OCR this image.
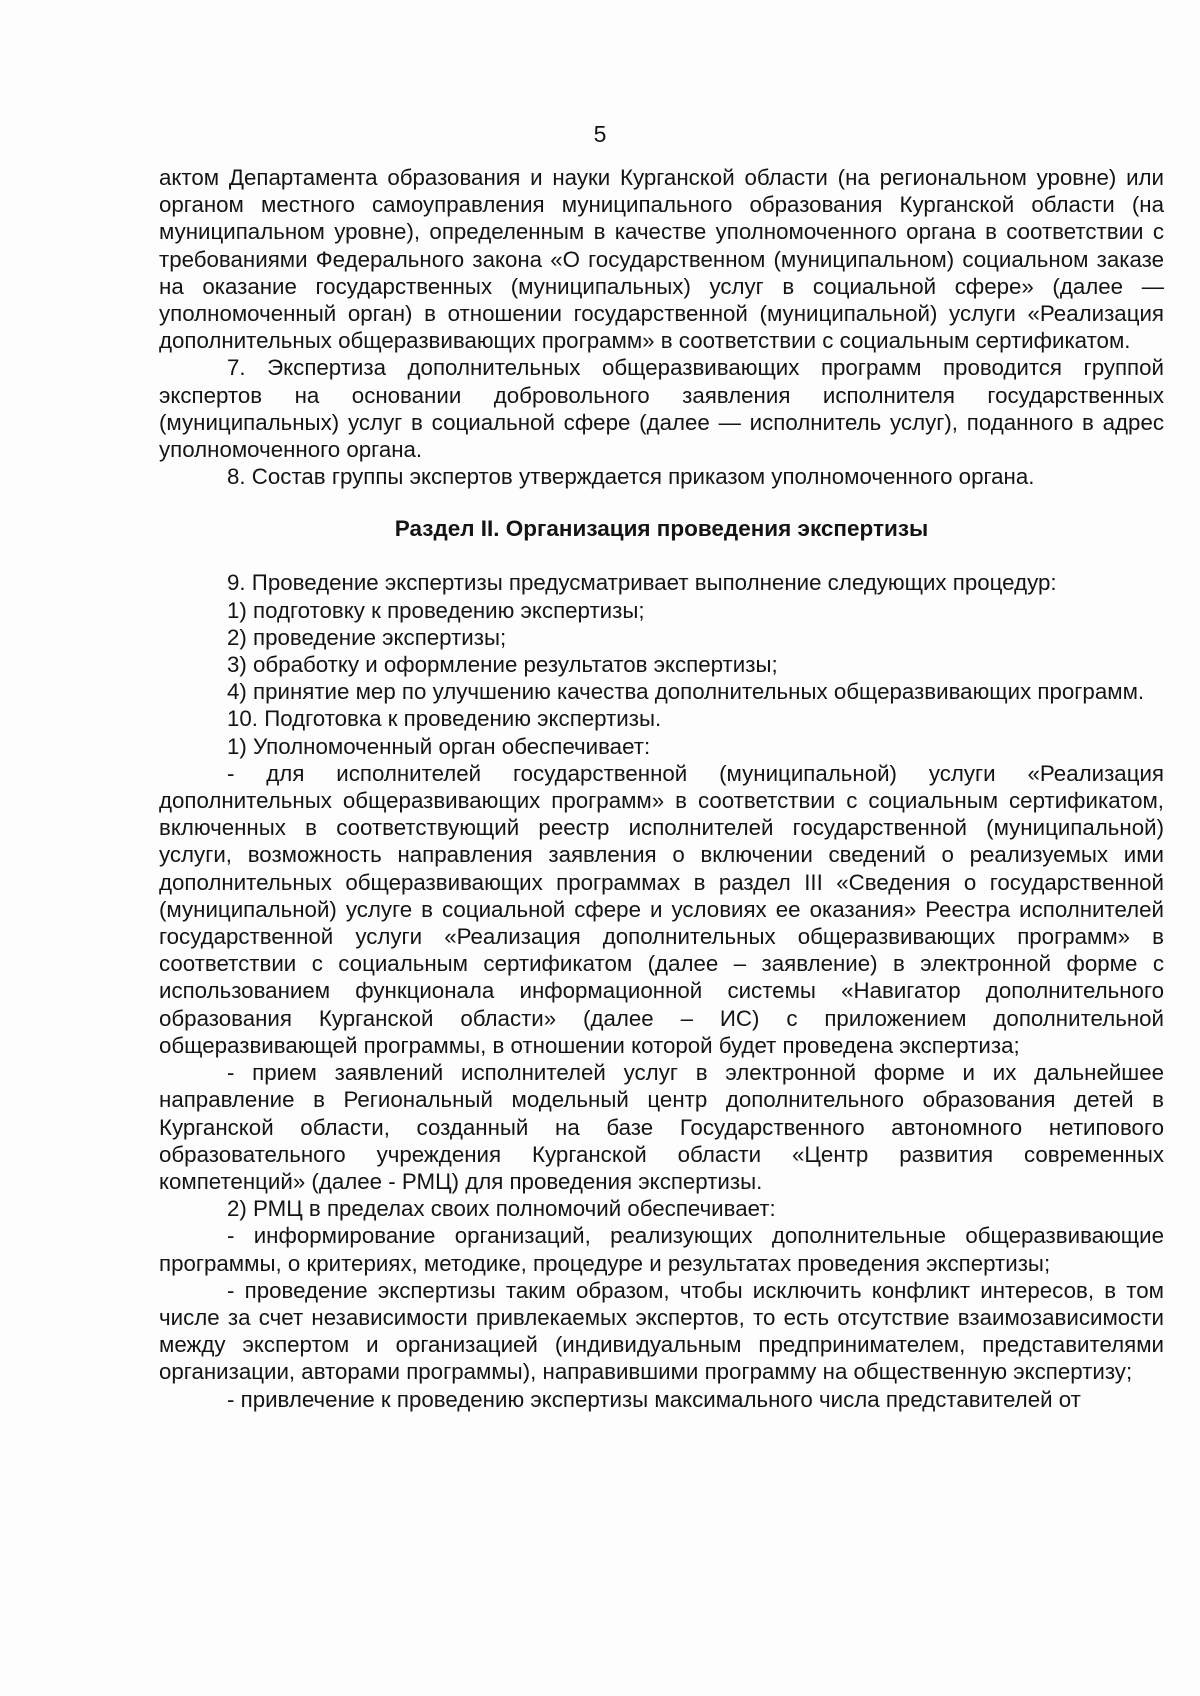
5

актом Департамента образования и науки Курганской области (на региональном уровне) или органом местного самоуправления муниципального образования Курганской области (на муниципальном уровне), определенным в качестве уполномоченного органа в соответствии с требованиями Федерального закона «О государственном (муниципальном) социальном заказе на оказание государственных (муниципальных) услуг в социальной сфере» (далее — уполномоченный орган) в отношении государственной (муниципальной) услуги «Реализация дополнительных общеразвивающих программ» в соответствии с социальным сертификатом.

7. Экспертиза дополнительных общеразвивающих программ проводится группой экспертов на основании добровольного заявления исполнителя государственных (муниципальных) услуг в социальной сфере (далее — исполнитель услуг), поданного в адрес уполномоченного органа.

8. Состав группы экспертов утверждается приказом уполномоченного органа.

Раздел II. Организация проведения экспертизы

9. Проведение экспертизы предусматривает выполнение следующих процедур:

1) подготовку к проведению экспертизы;

2) проведение экспертизы;

3) обработку и оформление результатов экспертизы;

4) принятие мер по улучшению качества дополнительных общеразвивающих программ.

10. Подготовка к проведению экспертизы.

1) Уполномоченный орган обеспечивает:

- для исполнителей государственной (муниципальной) услуги «Реализация дополнительных общеразвивающих программ» в соответствии с социальным сертификатом, включенных в соответствующий реестр исполнителей государственной (муниципальной) услуги, возможность направления заявления о включении сведений о реализуемых ими дополнительных общеразвивающих программах в раздел III «Сведения о государственной (муниципальной) услуге в социальной сфере и условиях ее оказания» Реестра исполнителей государственной услуги «Реализация дополнительных общеразвивающих программ» в соответствии с социальным сертификатом (далее – заявление) в электронной форме с использованием функционала информационной системы «Навигатор дополнительного образования Курганской области» (далее – ИС) с приложением дополнительной общеразвивающей программы, в отношении которой будет проведена экспертиза;

- прием заявлений исполнителей услуг в электронной форме и их дальнейшее направление в Региональный модельный центр дополнительного образования детей в Курганской области, созданный на базе Государственного автономного нетипового образовательного учреждения Курганской области «Центр развития современных компетенций» (далее - РМЦ) для проведения экспертизы.

2) РМЦ в пределах своих полномочий обеспечивает:

- информирование организаций, реализующих дополнительные общеразвивающие программы, о критериях, методике, процедуре и результатах проведения экспертизы;

- проведение экспертизы таким образом, чтобы исключить конфликт интересов, в том числе за счет независимости привлекаемых экспертов, то есть отсутствие взаимозависимости между экспертом и организацией (индивидуальным предпринимателем, представителями организации, авторами программы), направившими программу на общественную экспертизу;

- привлечение к проведению экспертизы максимального числа представителей от
